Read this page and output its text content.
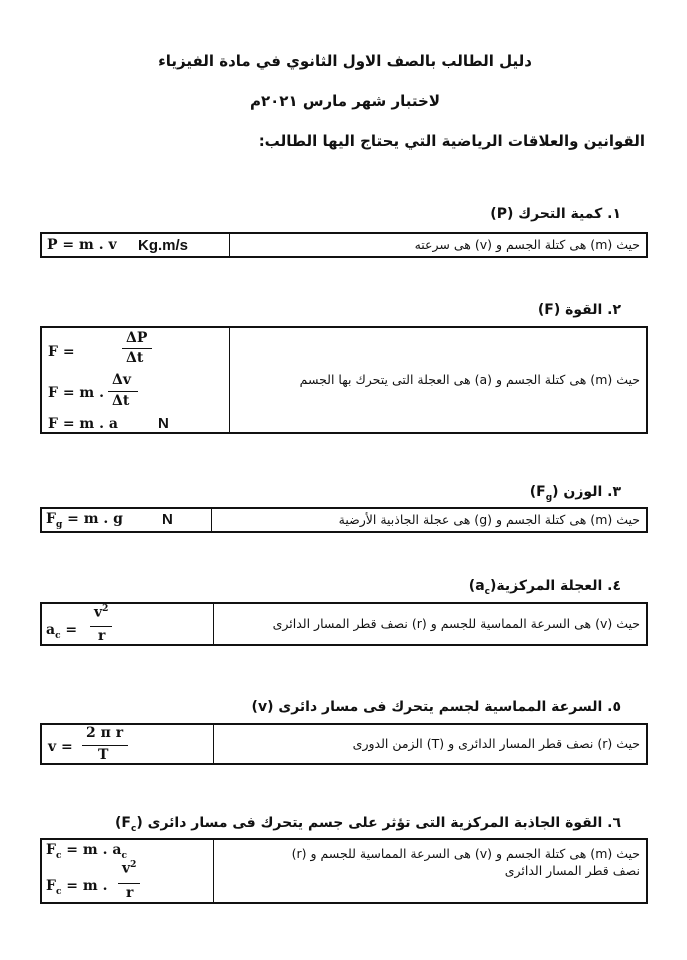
دليل الطالب بالصف الاول الثانوي في مادة الفيزياء
لاختبار شهر مارس ٢٠٢١م
القوانين والعلاقات الرياضية التي يحتاج اليها الطالب:
١. كمية التحرك (P)
P = m . v Kg.m/s	حيث (m) هى كتلة الجسم و (v) هى سرعته
٢. القوة (F)
ΔP
F =	Δt
Δv
F = m . Δt
F = m . a	N
حيث (m) هى كتلة الجسم و (a) هى العجلة التى يتحرك بها الجسم
٣. الوزن $(F_g)$
$F_g = m$ . g	N	حيث (m) هى كتلة الجسم و (g) هى عجلة الجاذبية الأرضية
٤. العجلة $المركزية(a_c)$
$v^2$
$a_c = r$
حيث (v) هى السرعة المماسية للجسم و (r) نصف قطر المسار الدائرى
٥. السرعة المماسية لجسم يتحرك فى مسار دائرى (v)
2 π r
v = T
حيث (r) نصف قطر المسار الدائرى و (T) الزمن الدورى
٦. القوة الجاذبة المركزية التى تؤثر على جسم يتحرك فى مسار دائرى $(F_c)$
$F_c = m$ . $a_c$
$v^2$
$F_c = m$ . r
حيث (m) هى كتلة الجسم و (v) هى السرعة المماسية للجسم و (r)
نصف قطر المسار الدائرى
